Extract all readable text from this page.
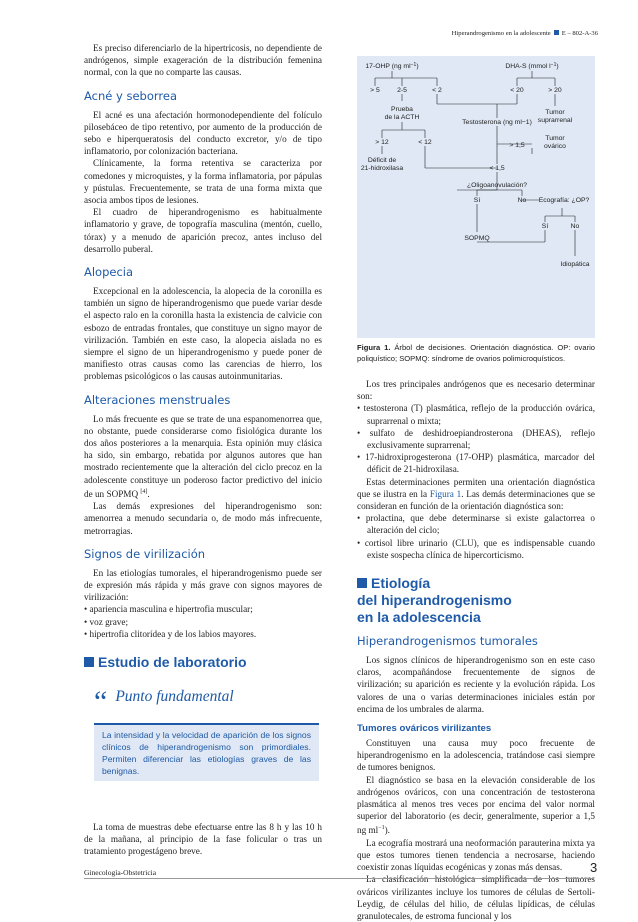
Hiperandrogenismo en la adolescente E – 802-A-36

Es preciso diferenciarlo de la hipertricosis, no dependiente de andrógenos, simple exageración de la distribución femenina normal, con la que no comparte las causas.

Acné y seborrea

El acné es una afectación hormonodependiente del folículo pilosebáceo de tipo retentivo, por aumento de la producción de sebo e hiperqueratosis del conducto excretor, y/o de tipo inflamatorio, por colonización bacteriana.

Clínicamente, la forma retentiva se caracteriza por comedones y microquistes, y la forma inflamatoria, por pápulas y pústulas. Frecuentemente, se trata de una forma mixta que asocia ambos tipos de lesiones.

El cuadro de hiperandrogenismo es habitualmente inflamatorio y grave, de topografía masculina (mentón, cuello, tórax) y a menudo de aparición precoz, antes incluso del desarrollo puberal.

Alopecia

Excepcional en la adolescencia, la alopecia de la coronilla es también un signo de hiperandrogenismo que puede variar desde el aspecto ralo en la coronilla hasta la existencia de calvicie con esbozo de entradas frontales, que constituye un signo mayor de virilización. También en este caso, la alopecia aislada no es siempre el signo de un hiperandrogenismo y puede poner de manifiesto otras causas como las carencias de hierro, los problemas psicológicos o las causas autoinmunitarias.

Alteraciones menstruales

Lo más frecuente es que se trate de una espanomenorrea que, no obstante, puede considerarse como fisiológica durante los dos años posteriores a la menarquia. Esta opinión muy clásica ha sido, sin embargo, rebatida por algunos autores que han mostrado recientemente que la alteración del ciclo precoz en la adolescente constituye un poderoso factor predictivo del inicio de un SOPMQ [4].

Las demás expresiones del hiperandrogenismo son: amenorrea a menudo secundaria o, de modo más infrecuente, metrorragias.

Signos de virilización

En las etiologías tumorales, el hiperandrogenismo puede ser de expresión más rápida y más grave con signos mayores de virilización:

• apariencia masculina e hipertrofia muscular;
• voz grave;
• hipertrofia clitorídea y de los labios mayores.
Estudio de laboratorio
“ Punto fundamental
La intensidad y la velocidad de aparición de los signos clínicos de hiperandrogenismo son primordiales. Permiten diferenciar las etiologías graves de las benignas.

La toma de muestras debe efectuarse entre las 8 h y las 10 h de la mañana, al principio de la fase folicular o tras un tratamiento progestágeno breve.

17-OHP (ng $ml^{-1}$)	DHA-S (mmol $l^{-1}$)
> 5	2-5	< 2	< 20	> 20
Prueba
de la ACTH
Testosterona (ng ml−1)
Tumor
suprarrenal
> 12	< 12	> 1,5
Tumor
ovárico
Déficit de
21-hidroxilasa	< 1,5
¿Oligoanovulación?
Sí	No Ecografía: ¿OP?
SOPMQ
Sí	No
Idiopática
Figura 1. Árbol de decisiones. Orientación diagnóstica. OP: ovario poliquístico; SOPMQ: síndrome de ovarios polimicroquísticos.

Los tres principales andrógenos que es necesario determinar son:

• testosterona (T) plasmática, reflejo de la producción ovárica, suprarrenal o mixta;
• sulfato de deshidroepiandrosterona (DHEAS), reflejo exclusivamente suprarrenal;
• 17-hidroxiprogesterona (17-OHP) plasmática, marcador del déficit de 21-hidroxilasa.

Estas determinaciones permiten una orientación diagnóstica que se ilustra en la Figura 1. Las demás determinaciones que se consideran en función de la orientación diagnóstica son:

• prolactina, que debe determinarse si existe galactorrea o alteración del ciclo;
• cortisol libre urinario (CLU), que es indispensable cuando existe sospecha clínica de hipercorticismo.
Etiología
del hiperandrogenismo
en la adolescencia
Hiperandrogenismos tumorales

Los signos clínicos de hiperandrogenismo son en este caso claros, acompañándose frecuentemente de signos de virilización; su aparición es reciente y la evolución rápida. Los valores de una o varias determinaciones iniciales están por encima de los umbrales de alarma.

Tumores ováricos virilizantes

Constituyen una causa muy poco frecuente de hiperandrogenismo en la adolescencia, tratándose casi siempre de tumores benignos.

El diagnóstico se basa en la elevación considerable de los andrógenos ováricos, con una concentración de testosterona plasmática al menos tres veces por encima del valor normal superior del laboratorio (es decir, generalmente, superior a 1,5 ng $ml^{-1}$).

La ecografía mostrará una neoformación parauterina mixta ya que estos tumores tienen tendencia a necrosarse, haciendo coexistir zonas líquidas ecogénicas y zonas más densas.

La clasificación histológica simplificada de los tumores ováricos virilizantes incluye los tumores de células de Sertoli-Leydig, de células del hilio, de células lipídicas, de células granulotecales, de estroma funcional y los

Ginecología-Obstetricia	3
